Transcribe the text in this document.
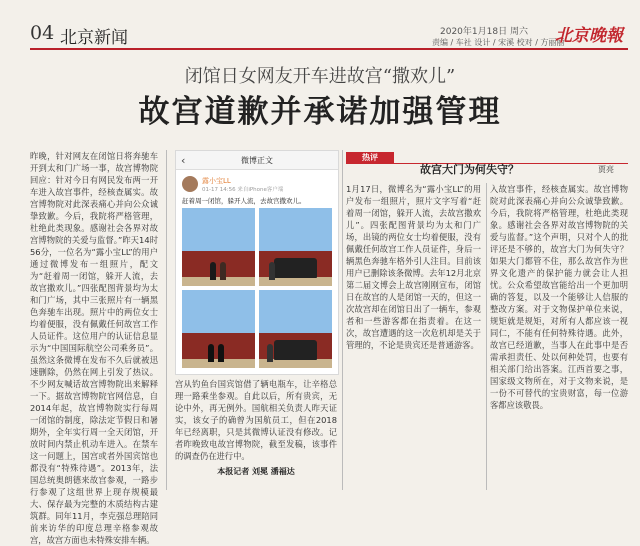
04 北京新闻	2020年1月18日 周六
责编 / 车社 设计 / 宋溪 校对 / 方丽丽
北京晚報
闭馆日女网友开车进故宫“撒欢儿”
故宫道歉并承诺加强管理
昨晚，针对网友在闭馆日将奔驰车开到太和门广场一事，故宫博物院回应：针对今日有网民发布两一开车进入故宫事件，经核查属实。故宫博物院对此深表痛心并向公众诚挚致歉。今后，我院将严格管理，杜绝此类现象。感谢社会各界对故宫博物院的关爱与监督。”昨天14时56分，一位名为“露小宝LL”的用户通过微博发布一组照片，配文为“赶着周一闭馆，躲开人流，去故宫撒欢儿。”四张配图背景均为太和门广场，其中三张照片有一辆黑色奔驰车出现。照片中的两位女士均着便服，没有佩戴任何故宫工作人员证件。这位用户的认证信息显示为“中国国际航空公司乘务员”。虽然这条微博在发布不久后就被迅速删除，仍然在网上引发了热议。不少网友喊话故宫博物院出来解释一下。据故宫博物院官网信息，自2014年起，故宫博物院实行每周一闭馆的制度，除法定节假日和暑期外，全年实行周一全天闭馆，开放时间内禁止机动车进入。在禁车这一问题上，国宫或者外国宾馆也都没有“特殊待遇”。2013年，法国总统奥朗德来故宫参观，一路步行参观了这组世界上现存规模最大、保存最为完整的木质结构古建筑群。同年11月，李克强总理陪同前来访华的印度总理辛格参观故宫，故宫方面也未特殊安排车辆。
‹	微博正文
露小宝LL
01-17 14:56 来自iPhone客户端
赶着周一闭馆，躲开人流，去故宫撒欢儿。
宫从钓鱼台国宾馆借了辆电瓶车，让辛格总理一路乘坐参观。自此以后，所有贵宾，无论中外，再无例外。国航相关负责人昨天证实，该女子的确曾为国航员工，但在2018年已经离职，只是其微博认证没有修改。记者昨晚致电故宫博物院，截至发稿，该事件的调查仍在进行中。
本报记者 刘冕 潘福达
热评
故宫大门为何失守？	贾亮
1月17日，微博名为“露小宝LL”的用户发布一组照片，照片文字写着“赶着周一闭馆，躲开人流，去故宫撒欢儿”。四张配图背景均为太和门广场，出镜的两位女士均着便服，没有佩戴任何故宫工作人员证件，身后一辆黑色奔驰车格外引人注目。目前该用户已删除该条微博。去年12月北京第二届文博会上故宫刚刚宣布，闭馆日在故宫的人是闭馆一天的，但这一次故宫却在闭馆日出了一辆车，参观者和一些游客都在指责着。在这一次，故宫遭遇的这一次危机却是关于管理的，不论是贵宾还是普通游客。
入故宫事件，经核查属实。故宫博物院对此深表痛心并向公众诚挚致歉。今后，我院将严格管理，杜绝此类现象。感谢社会各界对故宫博物院的关爱与监督。”这个声明，只对个人的批评还是不够的，故宫大门为何失守？如果大门都管不住，那么故宫作为世界文化遗产的保护能力就会让人担忧。公众希望故宫能给出一个更加明确的答复，以及一个能够让人信服的整改方案。对于文物保护单位来说，规矩就是规矩，对所有人都应该一视同仁，不能有任何特殊待遇。此外，故宫已经道歉，当事人在此事中是否需承担责任、处以何种处罚，也要有相关部门给出答案。江西首要之事，国家级文物所在，对于文物来说，是一份不可替代的宝贵财富，每一位游客都应该敬畏。
